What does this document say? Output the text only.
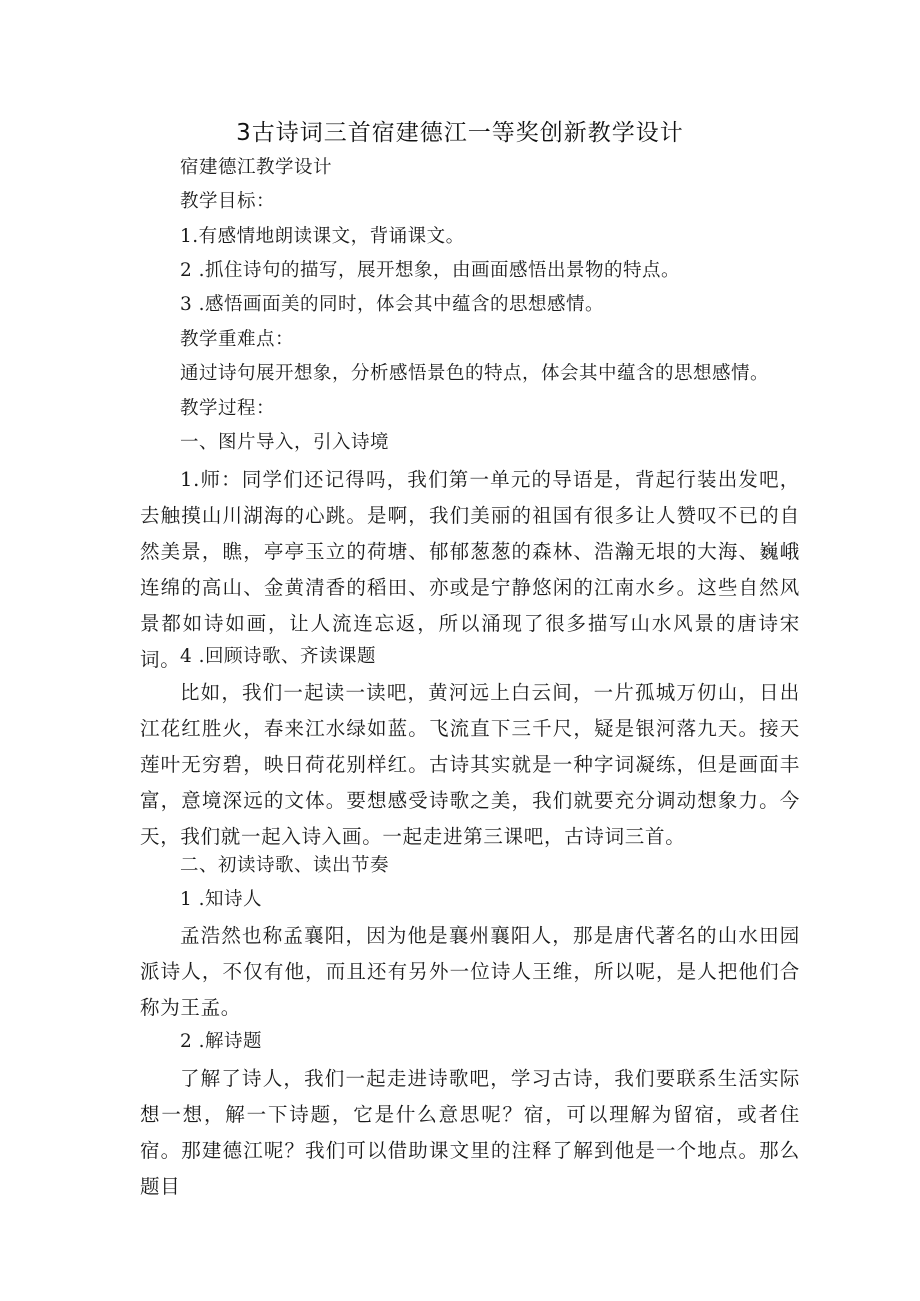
3古诗词三首宿建德江一等奖创新教学设计
宿建德江教学设计
教学目标：
1.有感情地朗读课文，背诵课文。
2 .抓住诗句的描写，展开想象，由画面感悟出景物的特点。
3 .感悟画面美的同时，体会其中蕴含的思想感情。
教学重难点：
通过诗句展开想象，分析感悟景色的特点，体会其中蕴含的思想感情。
教学过程：
一、图片导入，引入诗境

1.师：同学们还记得吗，我们第一单元的导语是，背起行装出发吧，去触摸山川湖海的心跳。是啊，我们美丽的祖国有很多让人赞叹不已的自然美景，瞧，亭亭玉立的荷塘、郁郁葱葱的森林、浩瀚无垠的大海、巍峨连绵的高山、金黄清香的稻田、亦或是宁静悠闲的江南水乡。这些自然风景都如诗如画，让人流连忘返，所以涌现了很多描写山水风景的唐诗宋词。 4 .回顾诗歌、齐读课题

比如，我们一起读一读吧，黄河远上白云间，一片孤城万仞山，日出江花红胜火，春来江水绿如蓝。飞流直下三千尺，疑是银河落九天。接天莲叶无穷碧，映日荷花别样红。古诗其实就是一种字词凝练，但是画面丰富，意境深远的文体。要想感受诗歌之美，我们就要充分调动想象力。今天，我们就一起入诗入画。一起走进第三课吧，古诗词三首。

二、初读诗歌、读出节奏
1 .知诗人

孟浩然也称孟襄阳，因为他是襄州襄阳人，那是唐代著名的山水田园派诗人，不仅有他，而且还有另外一位诗人王维，所以呢，是人把他们合称为王孟。

2 .解诗题

了解了诗人，我们一起走进诗歌吧，学习古诗，我们要联系生活实际想一想，解一下诗题，它是什么意思呢？宿，可以理解为留宿，或者住宿。那建德江呢？我们可以借助课文里的注释了解到他是一个地点。那么题目
